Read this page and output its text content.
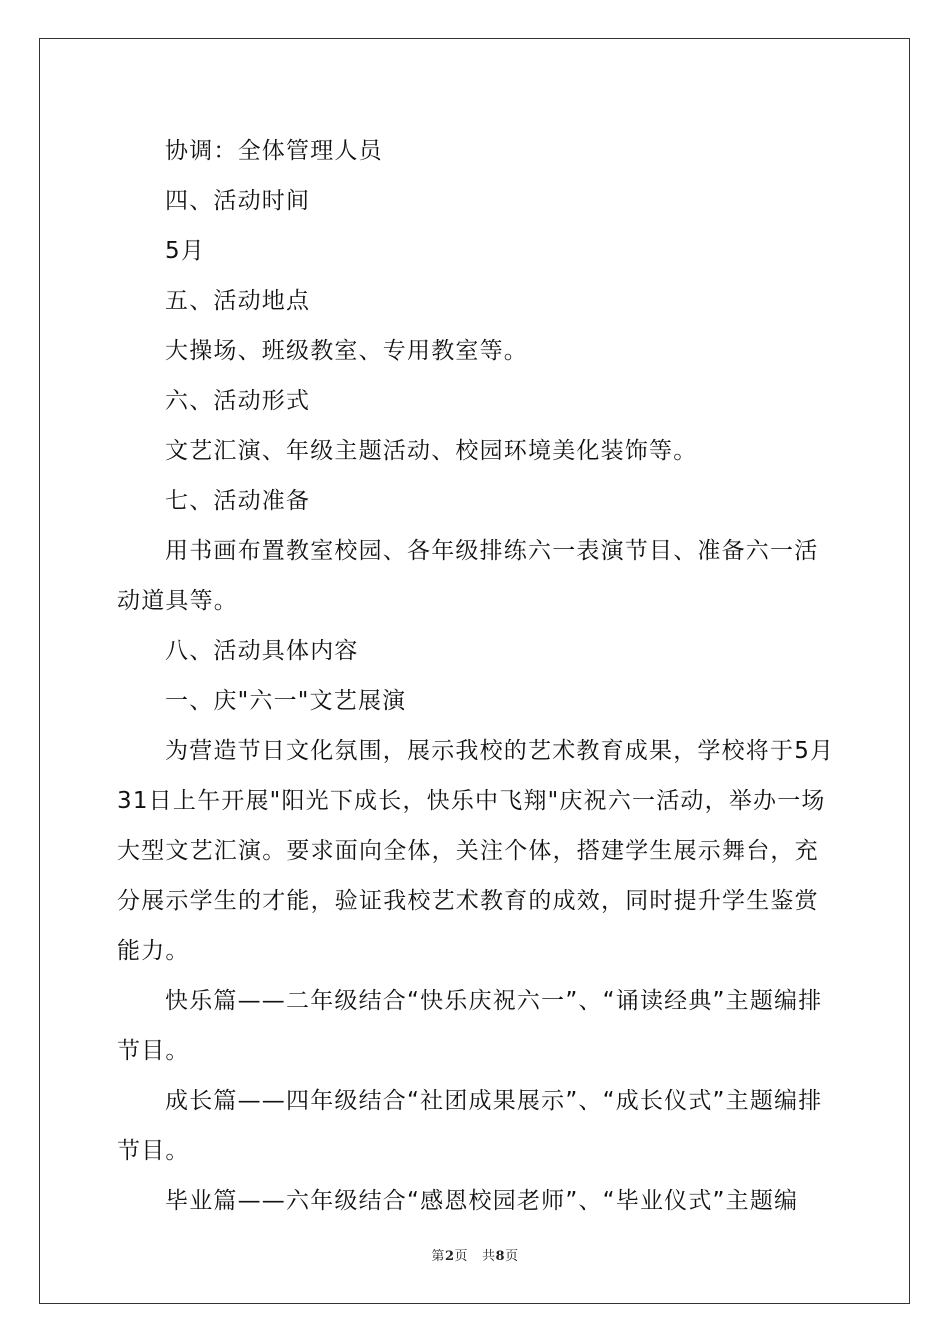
协调：全体管理人员

四、活动时间

5月

五、活动地点

大操场、班级教室、专用教室等。

六、活动形式

文艺汇演、年级主题活动、校园环境美化装饰等。

七、活动准备

用书画布置教室校园、各年级排练六一表演节目、准备六一活动道具等。

八、活动具体内容

一、庆"六一"文艺展演

为营造节日文化氛围，展示我校的艺术教育成果，学校将于5月31日上午开展"阳光下成长，快乐中飞翔"庆祝六一活动，举办一场大型文艺汇演。要求面向全体，关注个体，搭建学生展示舞台，充分展示学生的才能，验证我校艺术教育的成效，同时提升学生鉴赏能力。

快乐篇——二年级结合“快乐庆祝六一”、“诵读经典”主题编排节目。

成长篇——四年级结合“社团成果展示”、“成长仪式”主题编排节目。

毕业篇——六年级结合“感恩校园老师”、“毕业仪式”主题编

第2页 共8页
